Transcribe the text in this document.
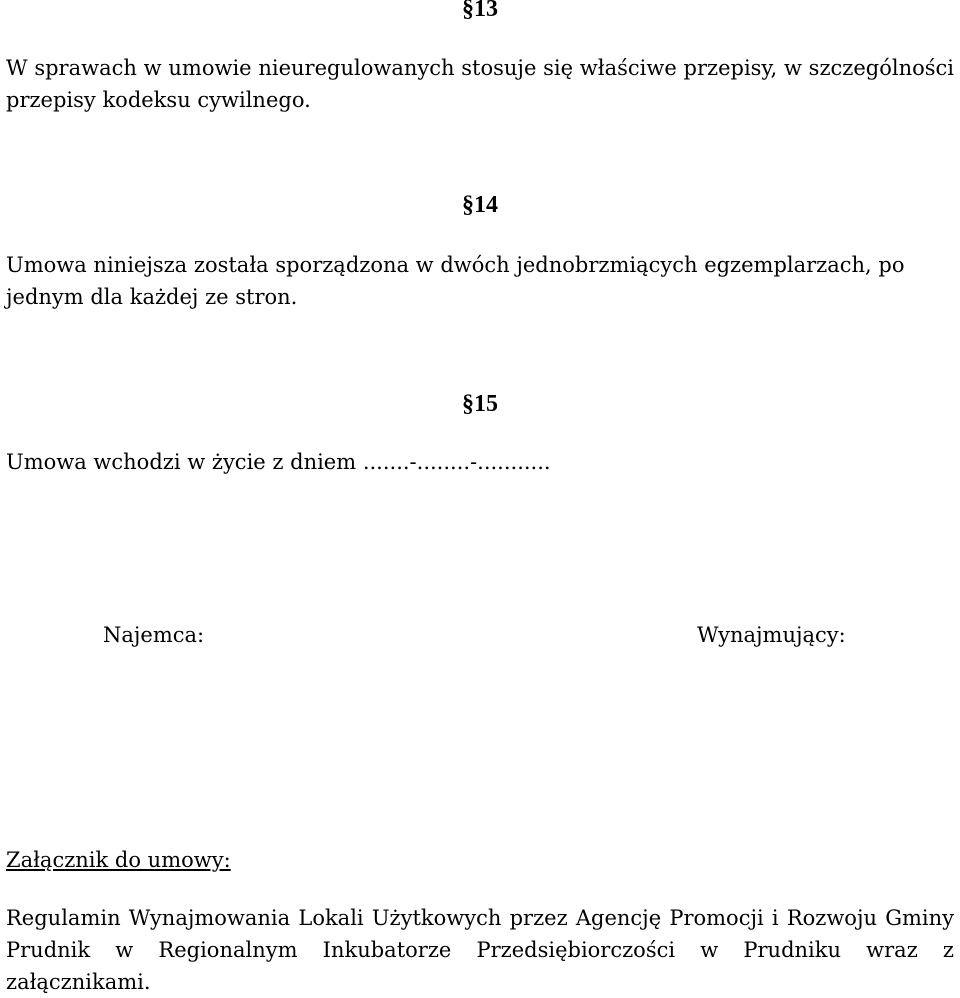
§13

W sprawach w umowie nieuregulowanych stosuje się właściwe przepisy, w szczególności przepisy kodeksu cywilnego.

§14

Umowa niniejsza została sporządzona w dwóch jednobrzmiących egzemplarzach, po jednym dla każdej ze stron.

§15

Umowa wchodzi w życie z dniem .......-........-...........

Najemca:	Wynajmujący:

Załącznik do umowy:

Regulamin Wynajmowania Lokali Użytkowych przez Agencję Promocji i Rozwoju Gminy Prudnik w Regionalnym Inkubatorze Przedsiębiorczości w Prudniku wraz z załącznikami.
